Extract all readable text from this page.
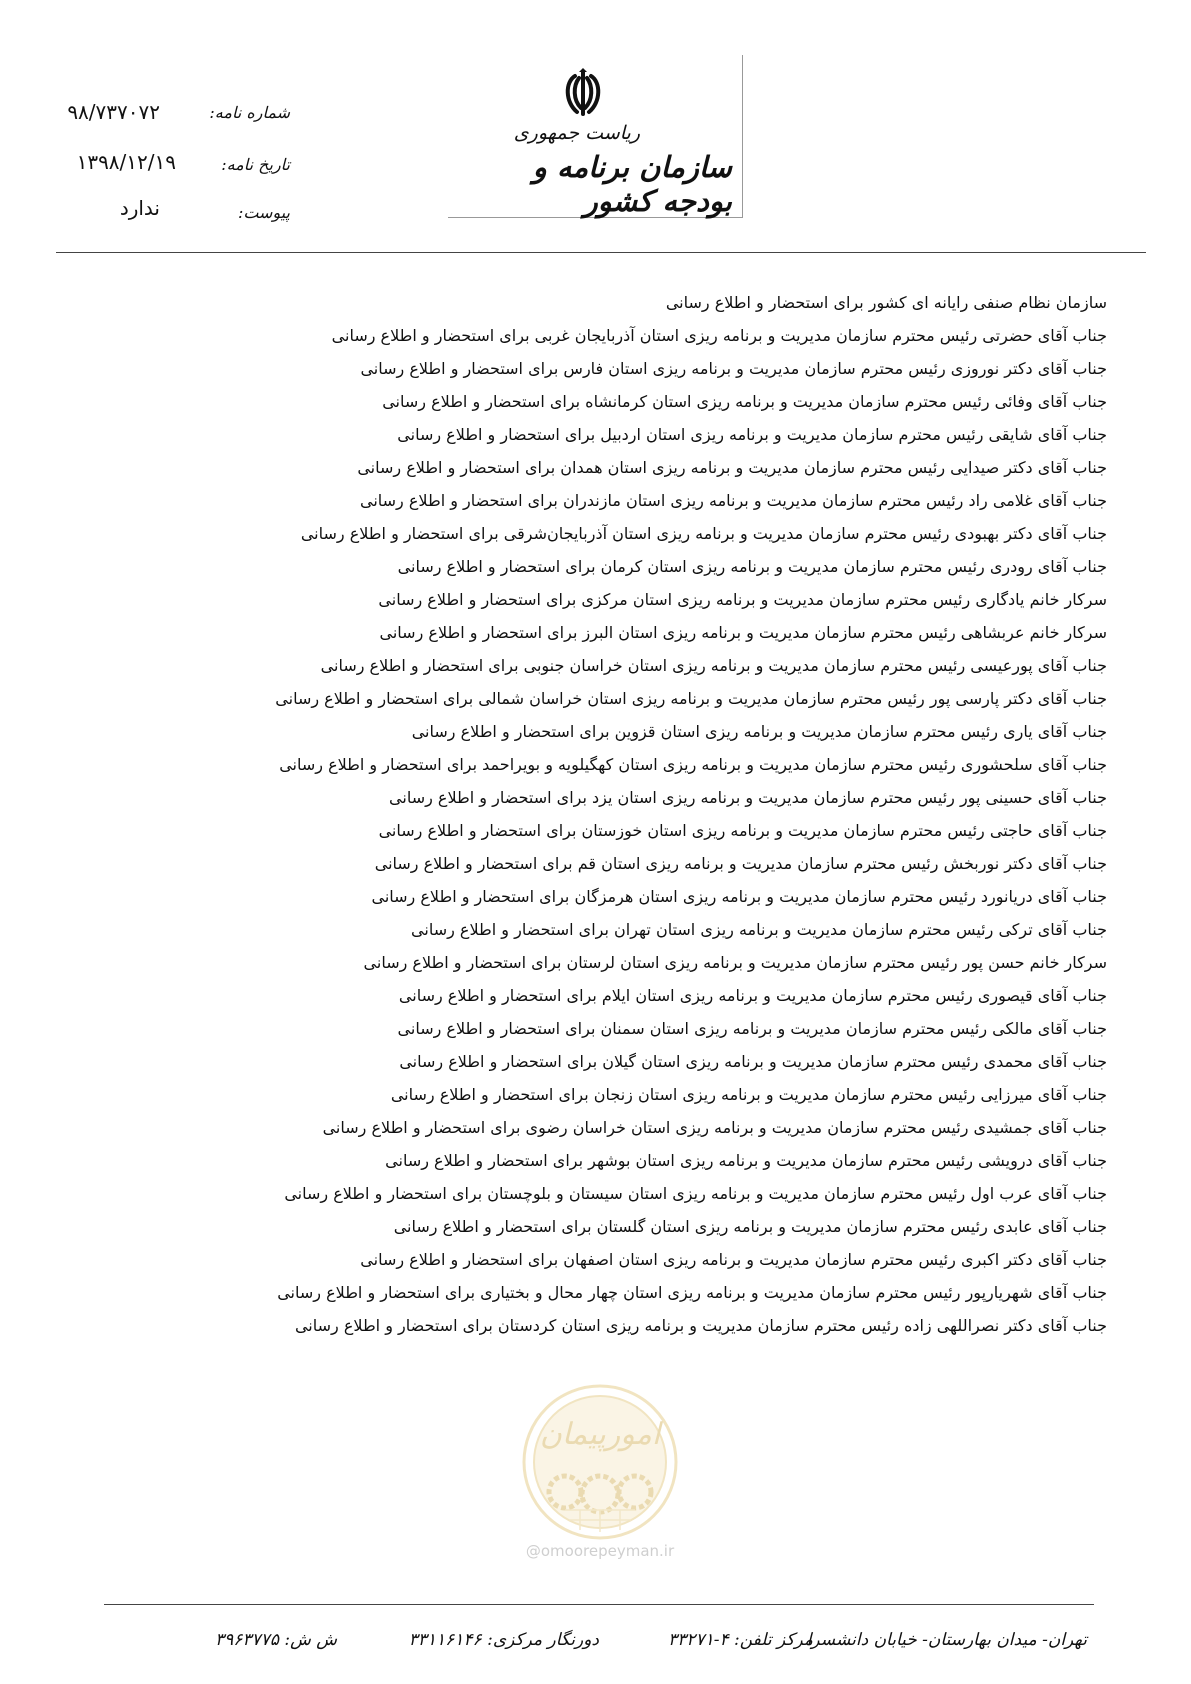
شماره نامه:
۹۸/۷۳۷۰۷۲
تاریخ نامه:
۱۳۹۸/۱۲/۱۹
پیوست:
ندارد
ریاست جمهوری
سازمان برنامه و بودجه کشور
سازمان نظام صنفی رایانه ای کشور برای استحضار و اطلاع رسانی
جناب آقای حضرتی رئیس محترم سازمان مدیریت و برنامه ریزی استان آذربایجان غربی برای استحضار و اطلاع رسانی
جناب آقای دکتر نوروزی رئیس محترم سازمان مدیریت و برنامه ریزی استان فارس برای استحضار و اطلاع رسانی
جناب آقای وفائی رئیس محترم سازمان مدیریت و برنامه ریزی استان کرمانشاه برای استحضار و اطلاع رسانی
جناب آقای شایقی رئیس محترم سازمان مدیریت و برنامه ریزی استان اردبیل برای استحضار و اطلاع رسانی
جناب آقای دکتر صیدایی رئیس محترم سازمان مدیریت و برنامه ریزی استان همدان برای استحضار و اطلاع رسانی
جناب آقای غلامی راد رئیس محترم سازمان مدیریت و برنامه ریزی استان مازندران برای استحضار و اطلاع رسانی
جناب آقای دکتر بهبودی رئیس محترم سازمان مدیریت و برنامه ریزی استان آذربایجان‌شرقی برای استحضار و اطلاع رسانی
جناب آقای رودری رئیس محترم سازمان مدیریت و برنامه ریزی استان کرمان برای استحضار و اطلاع رسانی
سرکار خانم یادگاری رئیس محترم سازمان مدیریت و برنامه ریزی استان مرکزی برای استحضار و اطلاع رسانی
سرکار خانم عربشاهی رئیس محترم سازمان مدیریت و برنامه ریزی استان البرز برای استحضار و اطلاع رسانی
جناب آقای پورعیسی رئیس محترم سازمان مدیریت و برنامه ریزی استان خراسان جنوبی برای استحضار و اطلاع رسانی
جناب آقای دکتر پارسی پور رئیس محترم سازمان مدیریت و برنامه ریزی استان خراسان شمالی برای استحضار و اطلاع رسانی
جناب آقای یاری رئیس محترم سازمان مدیریت و برنامه ریزی استان قزوین برای استحضار و اطلاع رسانی
جناب آقای سلحشوری رئیس محترم سازمان مدیریت و برنامه ریزی استان کهگیلویه و بویراحمد برای استحضار و اطلاع رسانی
جناب آقای حسینی پور رئیس محترم سازمان مدیریت و برنامه ریزی استان یزد برای استحضار و اطلاع رسانی
جناب آقای حاجتی رئیس محترم سازمان مدیریت و برنامه ریزی استان خوزستان برای استحضار و اطلاع رسانی
جناب آقای دکتر نوربخش رئیس محترم سازمان مدیریت و برنامه ریزی استان قم برای استحضار و اطلاع رسانی
جناب آقای دریانورد رئیس محترم سازمان مدیریت و برنامه ریزی استان هرمزگان برای استحضار و اطلاع رسانی
جناب آقای ترکی رئیس محترم سازمان مدیریت و برنامه ریزی استان تهران برای استحضار و اطلاع رسانی
سرکار خانم حسن پور رئیس محترم سازمان مدیریت و برنامه ریزی استان لرستان برای استحضار و اطلاع رسانی
جناب آقای قیصوری رئیس محترم سازمان مدیریت و برنامه ریزی استان ایلام برای استحضار و اطلاع رسانی
جناب آقای مالکی رئیس محترم سازمان مدیریت و برنامه ریزی استان سمنان برای استحضار و اطلاع رسانی
جناب آقای محمدی رئیس محترم سازمان مدیریت و برنامه ریزی استان گیلان برای استحضار و اطلاع رسانی
جناب آقای میرزایی رئیس محترم سازمان مدیریت و برنامه ریزی استان زنجان برای استحضار و اطلاع رسانی
جناب آقای جمشیدی رئیس محترم سازمان مدیریت و برنامه ریزی استان خراسان رضوی برای استحضار و اطلاع رسانی
جناب آقای درویشی رئیس محترم سازمان مدیریت و برنامه ریزی استان بوشهر برای استحضار و اطلاع رسانی
جناب آقای عرب اول رئیس محترم سازمان مدیریت و برنامه ریزی استان سیستان و بلوچستان برای استحضار و اطلاع رسانی
جناب آقای عابدی رئیس محترم سازمان مدیریت و برنامه ریزی استان گلستان برای استحضار و اطلاع رسانی
جناب آقای دکتر اکبری رئیس محترم سازمان مدیریت و برنامه ریزی استان اصفهان برای استحضار و اطلاع رسانی
جناب آقای شهریارپور رئیس محترم سازمان مدیریت و برنامه ریزی استان چهار محال و بختیاری برای استحضار و اطلاع رسانی
جناب آقای دکتر نصراللهی زاده رئیس محترم سازمان مدیریت و برنامه ریزی استان کردستان برای استحضار و اطلاع رسانی
امورپیمان
@omoorepeyman.ir
تهران- میدان بهارستان- خیابان دانشسرا
مرکز تلفن: ۴-۳۳۲۷۱
دورنگار مرکزی: ۳۳۱۱۶۱۴۶
ش ش: ۳۹۶۳۷۷۵
